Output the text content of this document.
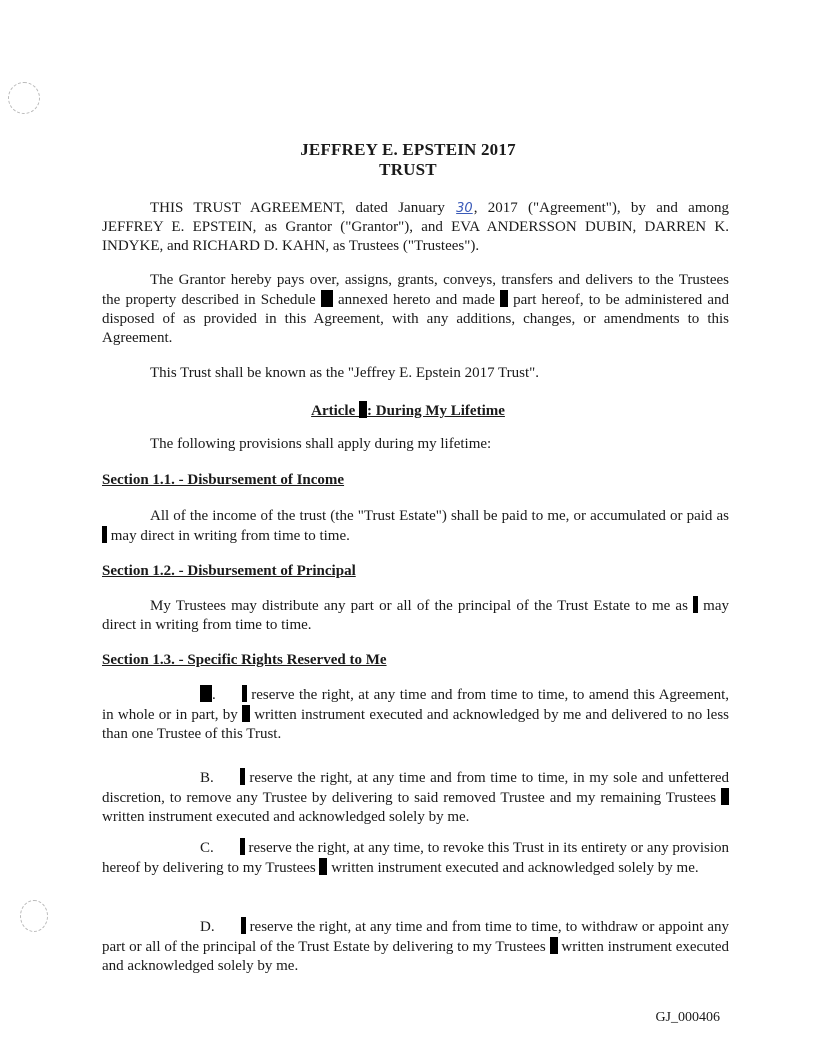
JEFFREY E. EPSTEIN 2017
TRUST
THIS TRUST AGREEMENT, dated January 30, 2017 ("Agreement"), by and among JEFFREY E. EPSTEIN, as Grantor ("Grantor"), and EVA ANDERSSON DUBIN, DARREN K. INDYKE, and RICHARD D. KAHN, as Trustees ("Trustees").
The Grantor hereby pays over, assigns, grants, conveys, transfers and delivers to the Trustees the property described in Schedule  annexed hereto and made  part hereof, to be administered and disposed of as provided in this Agreement, with any additions, changes, or amendments to this Agreement.
This Trust shall be known as the "Jeffrey E. Epstein 2017 Trust".
Article : During My Lifetime
The following provisions shall apply during my lifetime:
Section 1.1. - Disbursement of Income
All of the income of the trust (the "Trust Estate") shall be paid to me, or accumulated or paid as  may direct in writing from time to time.
Section 1.2. - Disbursement of Principal
My Trustees may distribute any part or all of the principal of the Trust Estate to me as  may direct in writing from time to time.
Section 1.3. - Specific Rights Reserved to Me
. reserve the right, at any time and from time to time, to amend this Agreement, in whole or in part, by  written instrument executed and acknowledged by me and delivered to no less than one Trustee of this Trust.
B. reserve the right, at any time and from time to time, in my sole and unfettered discretion, to remove any Trustee by delivering to said removed Trustee and my remaining Trustees  written instrument executed and acknowledged solely by me.
C. reserve the right, at any time, to revoke this Trust in its entirety or any provision hereof by delivering to my Trustees  written instrument executed and acknowledged solely by me.
D. reserve the right, at any time and from time to time, to withdraw or appoint any part or all of the principal of the Trust Estate by delivering to my Trustees  written instrument executed and acknowledged solely by me.
GJ_000406
